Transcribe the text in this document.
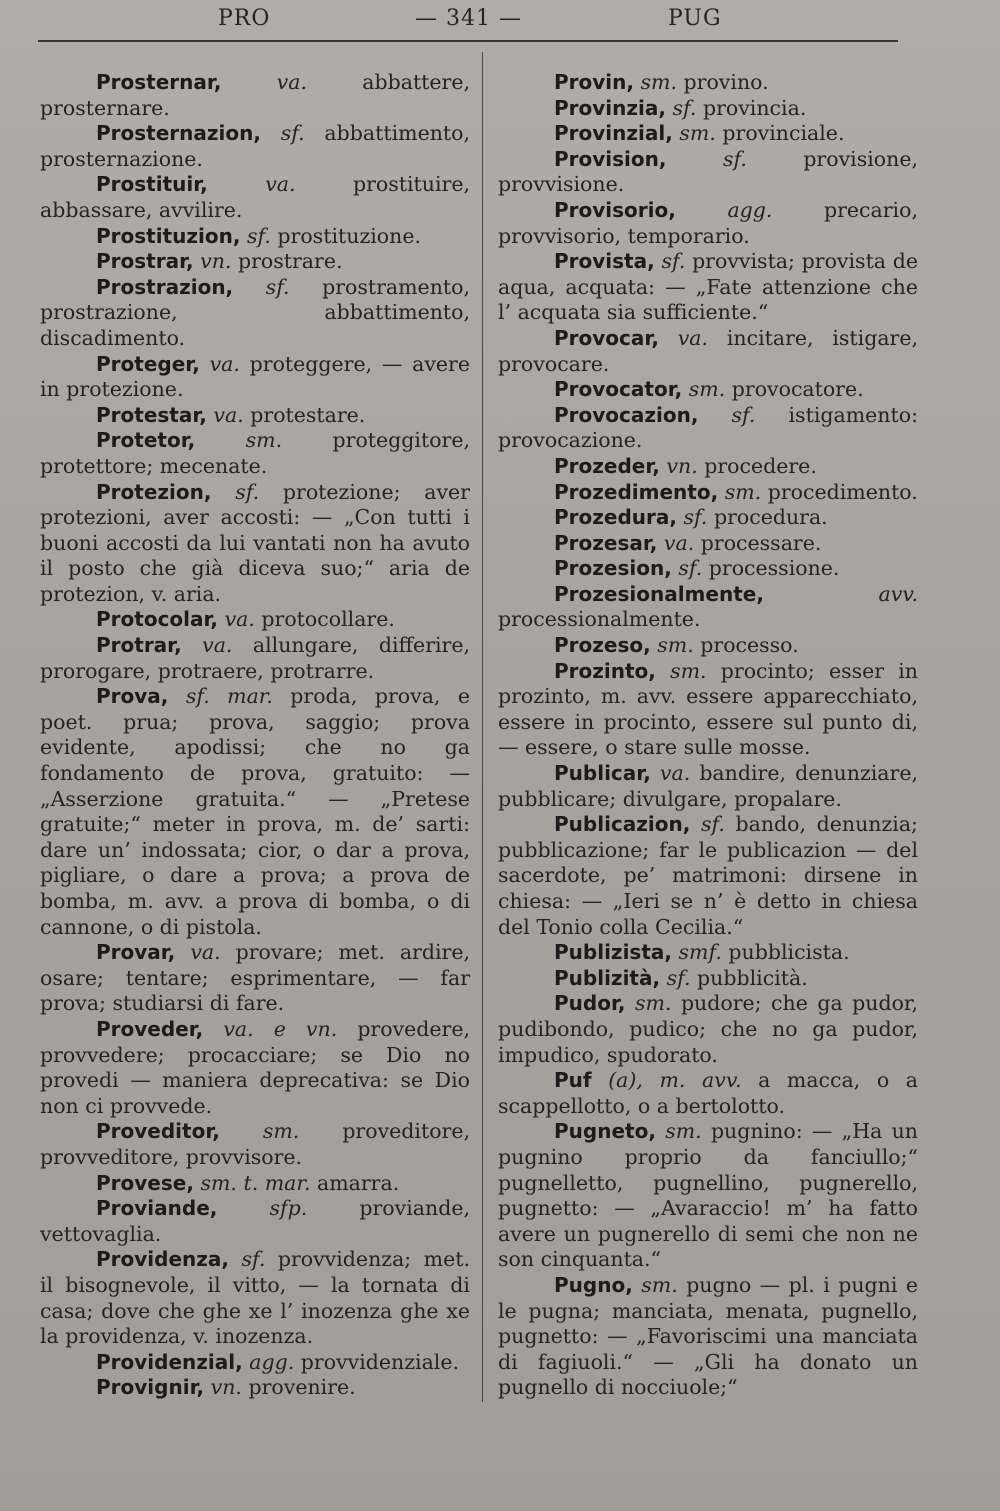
PRO	— 341 —	PUG

Prosternar,	va.	abbattere, prosternare.

Prosternazion, sf. abbattimento, prosternazione.

Prostituir,	va.	prostituire, abbassare, avvilire.

Prostituzion, sf. prostituzione.

Prostrar, vn. prostrare.

Prostrazion, sf. prostramento, prostrazione, abbattimento, discadimento.

Proteger, va. proteggere, — avere in protezione.

Protestar, va. protestare.

Protetor, sm. proteggitore, protettore; mecenate.

Protezion, sf. protezione; aver protezioni, aver accosti: — „Con tutti i buoni accosti da lui vantati non ha avuto il posto che già diceva suo;“ aria de protezion, v. aria.

Protocolar, va. protocollare.

Protrar, va. allungare, differire, prorogare, protraere, protrarre.

Prova, sf. mar. proda, prova, e poet. prua; prova, saggio; prova evidente, apodissi; che no ga fondamento de prova, gratuito: — „Asserzione gratuita.“ — „Pretese gratuite;“ meter in prova, m. de’ sarti: dare un’ indossata; cior, o dar a prova, pigliare, o dare a prova; a prova de bomba, m. avv. a prova di bomba, o di cannone, o di pistola.

Provar, va. provare; met. ardire, osare; tentare; esprimentare, — far prova; studiarsi di fare.

Proveder, va. e vn. provedere, provvedere; procacciare; se Dio no provedi — maniera deprecativa: se Dio non ci provvede.

Proveditor, sm. proveditore, provveditore, provvisore.

Provese, sm. t. mar. amarra.

Proviande,	sfp.	proviande, vettovaglia.

Providenza, sf. provvidenza; met. il bisognevole, il vitto, — la tornata di casa; dove che ghe xe l’ inozenza ghe xe la providenza, v. inozenza.

Providenzial, agg. provvidenziale.

Provignir, vn. provenire.

Provin, sm. provino.

Provinzia, sf. provincia.

Provinzial, sm. provinciale.

Provision,	sf.	provisione, provvisione.

Provisorio,	agg.	precario, provvisorio, temporario.

Provista, sf. provvista; provista de aqua, acquata: — „Fate attenzione che l’ acquata sia sufficiente.“

Provocar, va. incitare, istigare, provocare.

Provocator, sm. provocatore.

Provocazion, sf. istigamento: provocazione.

Prozeder, vn. procedere.

Prozedimento, sm. procedimento.

Prozedura, sf. procedura.

Prozesar, va. processare.

Prozesion, sf. processione.

Prozesionalmente,	avv. processionalmente.

Prozeso, sm. processo.

Prozinto, sm. procinto; esser in prozinto, m. avv. essere apparecchiato, essere in procinto, essere sul punto di, — essere, o stare sulle mosse.

Publicar, va. bandire, denunziare, pubblicare; divulgare, propalare.

Publicazion, sf. bando, denunzia; pubblicazione; far le publicazion — del sacerdote, pe’ matrimoni: dirsene in chiesa: — „Ieri se n’ è detto in chiesa del Tonio colla Cecilia.“

Publizista, smf. pubblicista.

Publizità, sf. pubblicità.

Pudor, sm. pudore; che ga pudor, pudibondo, pudico; che no ga pudor, impudico, spudorato.

Puf (a), m. avv. a macca, o a scappellotto, o a bertolotto.

Pugneto, sm. pugnino: — „Ha un pugnino proprio da fanciullo;“ pugnelletto, pugnellino, pugnerello, pugnetto: — „Avaraccio! m’ ha fatto avere un pugnerello di semi che non ne son cinquanta.“

Pugno, sm. pugno — pl. i pugni e le pugna; manciata, menata, pugnello, pugnetto: — „Favoriscimi una manciata di fagiuoli.“ — „Gli ha donato un pugnello di nocciuole;“
